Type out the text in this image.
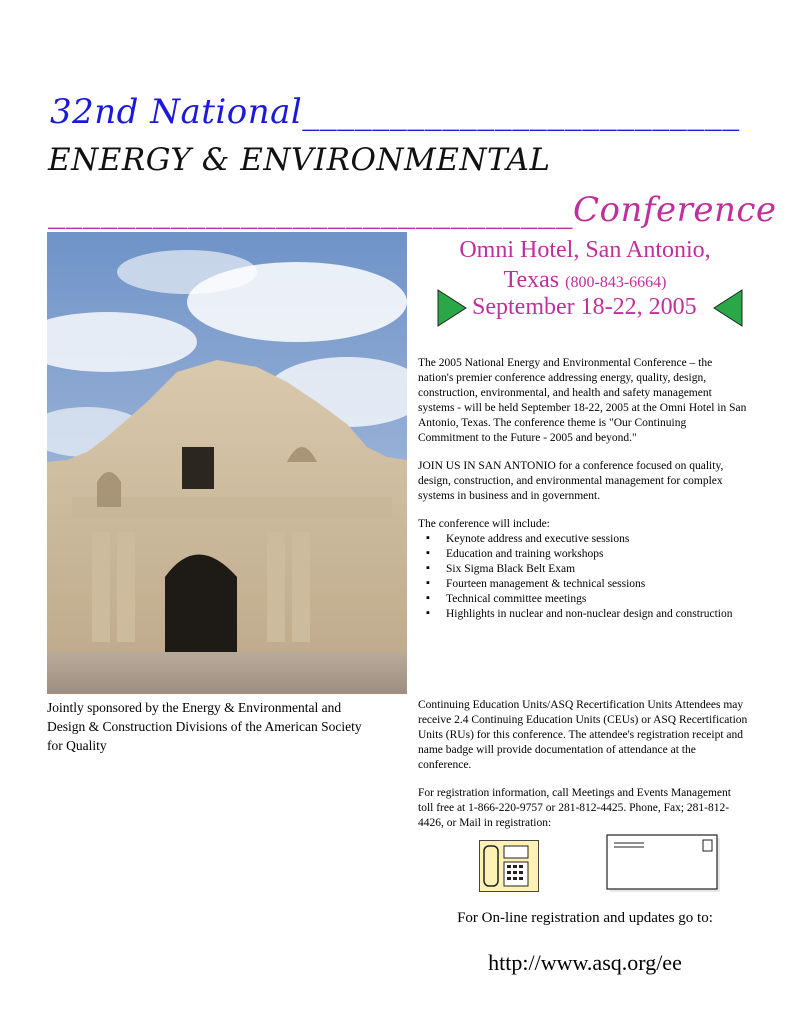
32nd National_________________________
ENERGY & ENVIRONMENTAL
______________________________Conference
Omni Hotel, San Antonio,
Texas (800-843-6664)
September 18-22, 2005

The 2005 National Energy and Environmental Conference – the nation's premier conference addressing energy, quality, design, construction, environmental, and health and safety management systems - will be held September 18-22, 2005 at the Omni Hotel in San Antonio, Texas. The conference theme is "Our Continuing Commitment to the Future - 2005 and beyond."

JOIN US IN SAN ANTONIO for a conference focused on quality, design, construction, and environmental management for complex systems in business and in government.

The conference will include:
▪ Keynote address and executive sessions
▪ Education and training workshops
▪ Six Sigma Black Belt Exam
▪ Fourteen management & technical sessions
▪ Technical committee meetings
▪ Highlights in nuclear and non-nuclear design and construction
Jointly sponsored by the Energy & Environmental and Design & Construction Divisions of the American Society for Quality

Continuing Education Units/ASQ Recertification Units Attendees may receive 2.4 Continuing Education Units (CEUs) or ASQ Recertification Units (RUs) for this conference. The attendee's registration receipt and name badge will provide documentation of attendance at the conference.

For registration information, call Meetings and Events Management toll free at 1-866-220-9757 or 281-812-4425. Phone, Fax; 281-812-4426, or Mail in registration:

For On-line registration and updates go to:
http://www.asq.org/ee
